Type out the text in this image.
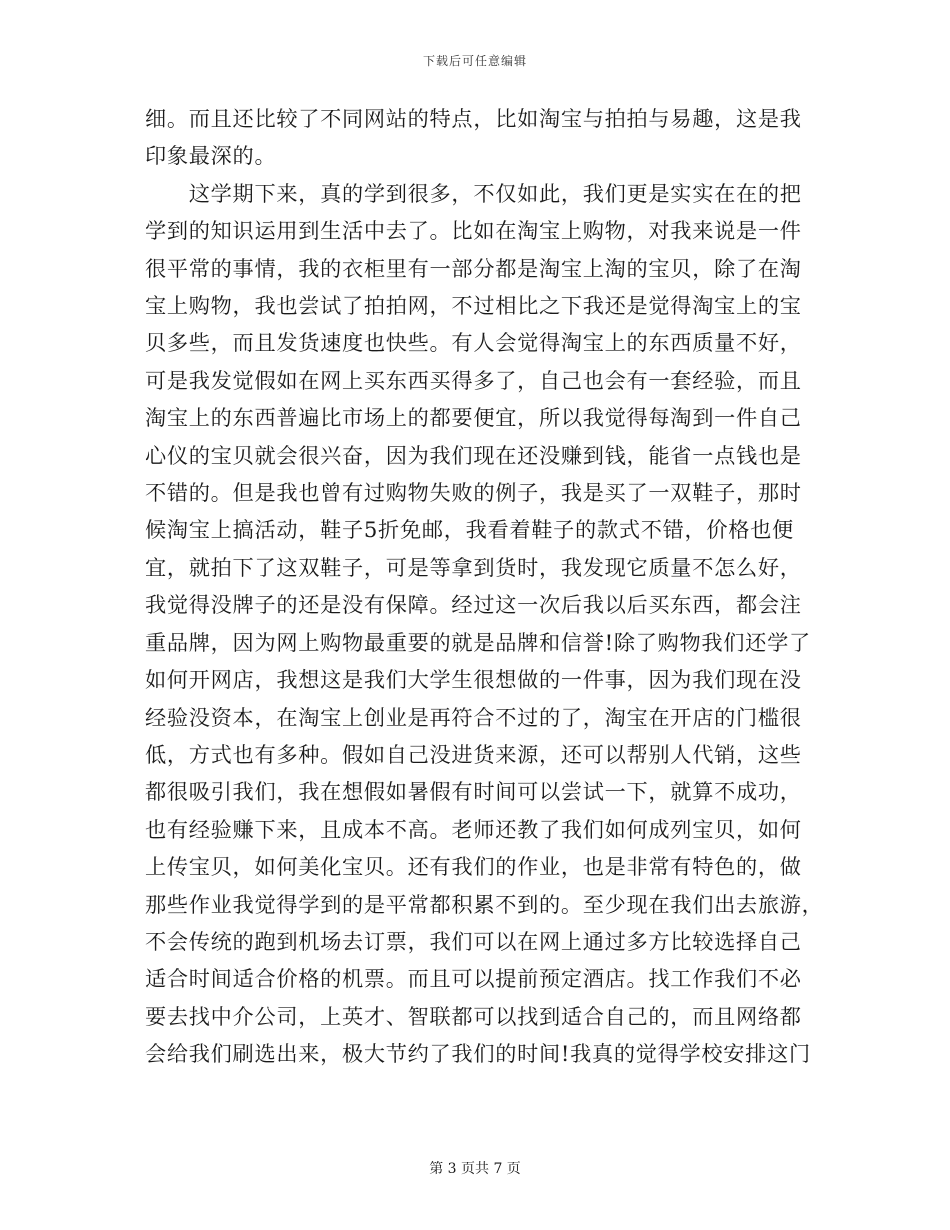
下载后可任意编辑
细。而且还比较了不同网站的特点，比如淘宝与拍拍与易趣，这是我
印象最深的。
　　这学期下来，真的学到很多，不仅如此，我们更是实实在在的把
学到的知识运用到生活中去了。比如在淘宝上购物，对我来说是一件
很平常的事情，我的衣柜里有一部分都是淘宝上淘的宝贝，除了在淘
宝上购物，我也尝试了拍拍网，不过相比之下我还是觉得淘宝上的宝
贝多些，而且发货速度也快些。有人会觉得淘宝上的东西质量不好，
可是我发觉假如在网上买东西买得多了，自己也会有一套经验，而且
淘宝上的东西普遍比市场上的都要便宜，所以我觉得每淘到一件自己
心仪的宝贝就会很兴奋，因为我们现在还没赚到钱，能省一点钱也是
不错的。但是我也曾有过购物失败的例子，我是买了一双鞋子，那时
候淘宝上搞活动，鞋子5折免邮，我看着鞋子的款式不错，价格也便
宜，就拍下了这双鞋子，可是等拿到货时，我发现它质量不怎么好，
我觉得没牌子的还是没有保障。经过这一次后我以后买东西，都会注
重品牌，因为网上购物最重要的就是品牌和信誉!除了购物我们还学了
如何开网店，我想这是我们大学生很想做的一件事，因为我们现在没
经验没资本，在淘宝上创业是再符合不过的了，淘宝在开店的门槛很
低，方式也有多种。假如自己没进货来源，还可以帮别人代销，这些
都很吸引我们，我在想假如暑假有时间可以尝试一下，就算不成功，
也有经验赚下来，且成本不高。老师还教了我们如何成列宝贝，如何
上传宝贝，如何美化宝贝。还有我们的作业，也是非常有特色的，做
那些作业我觉得学到的是平常都积累不到的。至少现在我们出去旅游，
不会传统的跑到机场去订票，我们可以在网上通过多方比较选择自己
适合时间适合价格的机票。而且可以提前预定酒店。找工作我们不必
要去找中介公司，上英才、智联都可以找到适合自己的，而且网络都
会给我们刷选出来，极大节约了我们的时间!我真的觉得学校安排这门
第 3 页共 7 页
